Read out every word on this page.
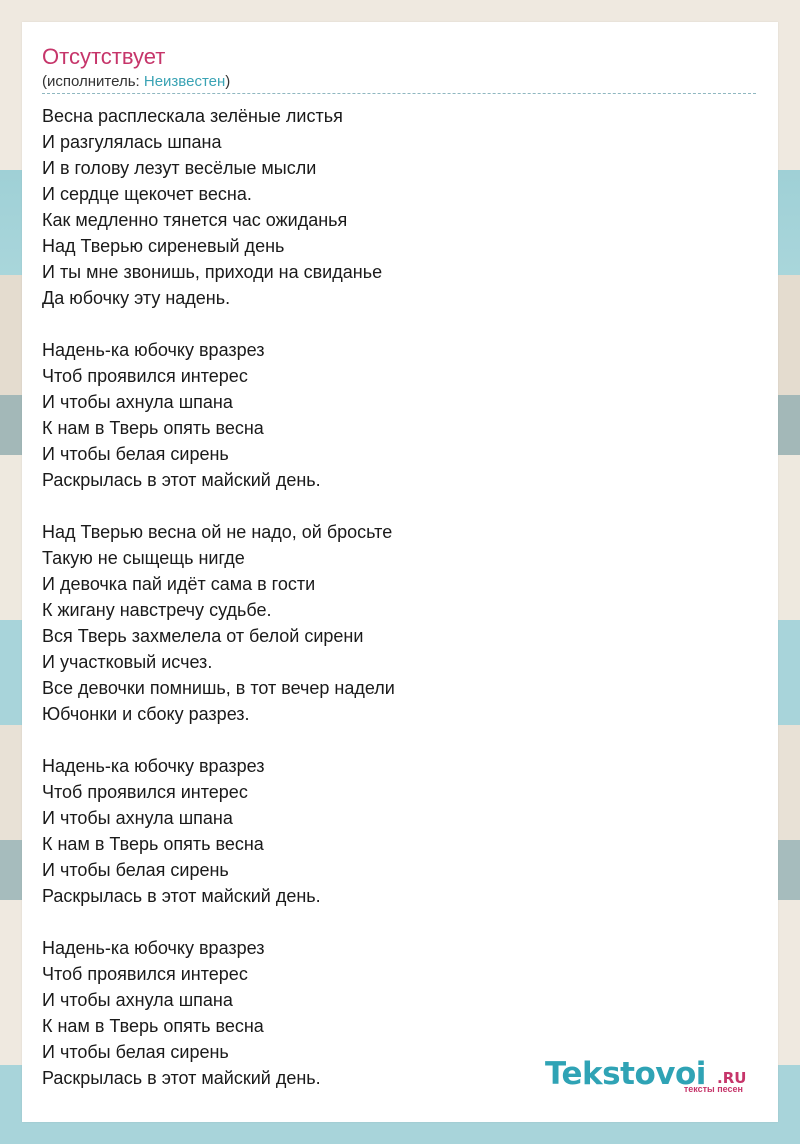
Отсутствует
(исполнитель: Неизвестен)
Весна расплескала зелёные листья
И разгулялась шпана
И в голову лезут весёлые мысли
И сердце щекочет весна.
Как медленно тянется час ожиданья
Над Тверью сиреневый день
И ты мне звонишь, приходи на свиданье
Да юбочку эту надень.
Надень-ка юбочку вразрез
Чтоб проявился интерес
И чтобы ахнула шпана
К нам в Тверь опять весна
И чтобы белая сирень
Раскрылась в этот майский день.
Над Тверью весна ой не надо, ой бросьте
Такую не сыщещь нигде
И девочка пай идёт сама в гости
К жигану навстречу судьбе.
Вся Тверь захмелела от белой сирени
И участковый исчез.
Все девочки помнишь, в тот вечер надели
Юбчонки и сбоку разрез.
Надень-ка юбочку вразрез
Чтоб проявился интерес
И чтобы ахнула шпана
К нам в Тверь опять весна
И чтобы белая сирень
Раскрылась в этот майский день.
Надень-ка юбочку вразрез
Чтоб проявился интерес
И чтобы ахнула шпана
К нам в Тверь опять весна
И чтобы белая сирень
Раскрылась в этот майский день.	Tekstovoi .RU
тексты песен
